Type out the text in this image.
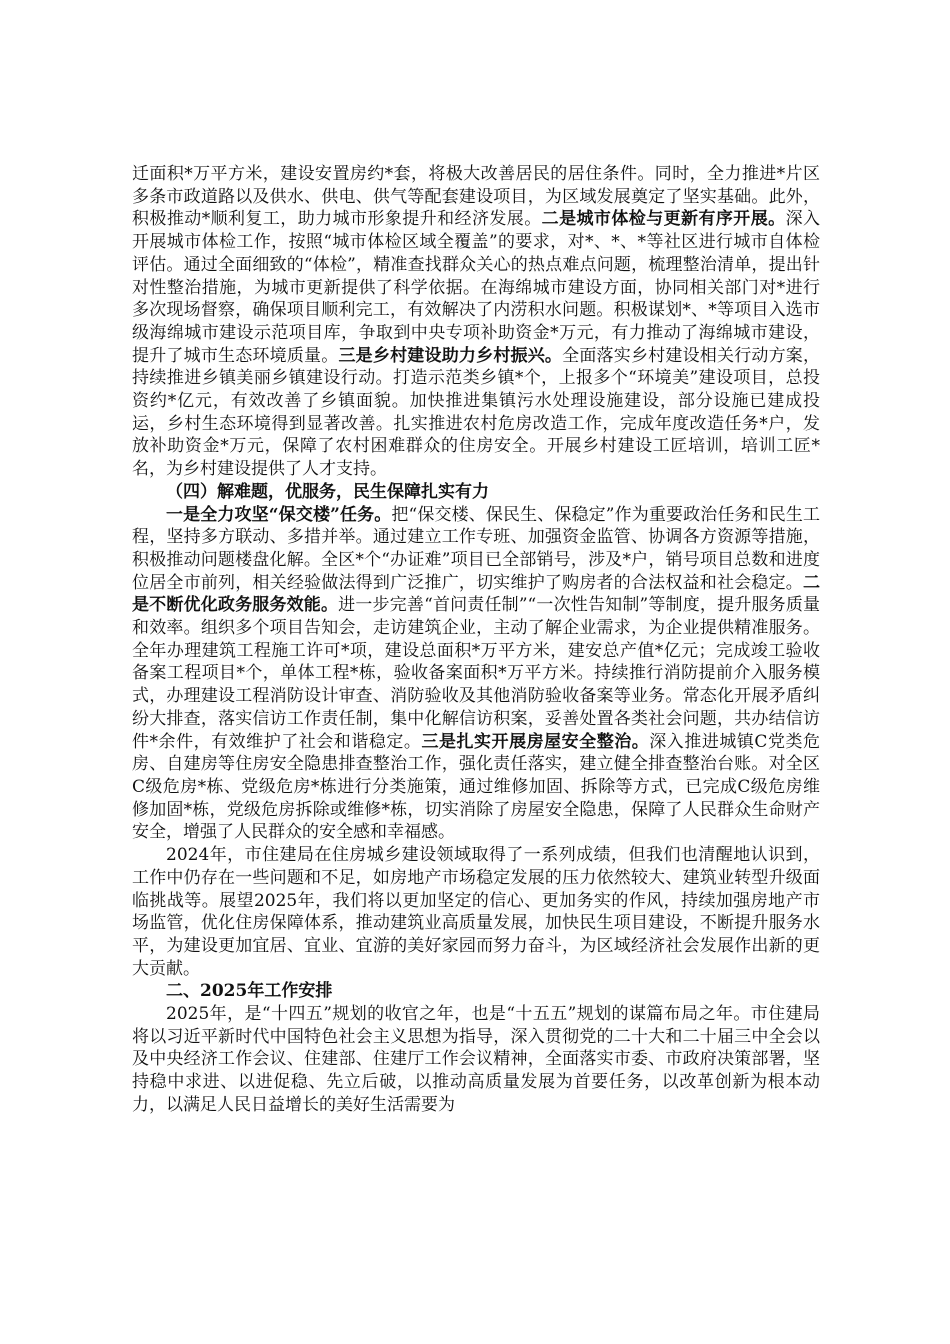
迁面积*万平方米，建设安置房约*套，将极大改善居民的居住条件。同时，全力推进*片区多条市政道路以及供水、供电、供气等配套建设项目，为区域发展奠定了坚实基础。此外，积极推动*顺利复工，助力城市形象提升和经济发展。二是城市体检与更新有序开展。深入开展城市体检工作，按照“城市体检区域全覆盖”的要求，对*、*、*等社区进行城市自体检评估。通过全面细致的“体检”，精准查找群众关心的热点难点问题，梳理整治清单，提出针对性整治措施，为城市更新提供了科学依据。在海绵城市建设方面，协同相关部门对*进行多次现场督察，确保项目顺利完工，有效解决了内涝积水问题。积极谋划*、*等项目入选市级海绵城市建设示范项目库，争取到中央专项补助资金*万元，有力推动了海绵城市建设，提升了城市生态环境质量。三是乡村建设助力乡村振兴。全面落实乡村建设相关行动方案，持续推进乡镇美丽乡镇建设行动。打造示范类乡镇*个，上报多个“环境美”建设项目，总投资约*亿元，有效改善了乡镇面貌。加快推进集镇污水处理设施建设，部分设施已建成投运，乡村生态环境得到显著改善。扎实推进农村危房改造工作，完成年度改造任务*户，发放补助资金*万元，保障了农村困难群众的住房安全。开展乡村建设工匠培训，培训工匠*名，为乡村建设提供了人才支持。

（四）解难题，优服务，民生保障扎实有力

一是全力攻坚“保交楼”任务。把“保交楼、保民生、保稳定”作为重要政治任务和民生工程，坚持多方联动、多措并举。通过建立工作专班、加强资金监管、协调各方资源等措施，积极推动问题楼盘化解。全区*个“办证难”项目已全部销号，涉及*户，销号项目总数和进度位居全市前列，相关经验做法得到广泛推广，切实维护了购房者的合法权益和社会稳定。二是不断优化政务服务效能。进一步完善“首问责任制”“一次性告知制”等制度，提升服务质量和效率。组织多个项目告知会，走访建筑企业，主动了解企业需求，为企业提供精准服务。全年办理建筑工程施工许可*项，建设总面积*万平方米，建安总产值*亿元；完成竣工验收备案工程项目*个，单体工程*栋，验收备案面积*万平方米。持续推行消防提前介入服务模式，办理建设工程消防设计审查、消防验收及其他消防验收备案等业务。常态化开展矛盾纠纷大排查，落实信访工作责任制，集中化解信访积案，妥善处置各类社会问题，共办结信访件*余件，有效维护了社会和谐稳定。三是扎实开展房屋安全整治。深入推进城镇C党类危房、自建房等住房安全隐患排查整治工作，强化责任落实，建立健全排查整治台账。对全区C级危房*栋、党级危房*栋进行分类施策，通过维修加固、拆除等方式，已完成C级危房维修加固*栋，党级危房拆除或维修*栋，切实消除了房屋安全隐患，保障了人民群众生命财产安全，增强了人民群众的安全感和幸福感。

2024年，市住建局在住房城乡建设领域取得了一系列成绩，但我们也清醒地认识到，工作中仍存在一些问题和不足，如房地产市场稳定发展的压力依然较大、建筑业转型升级面临挑战等。展望2025年，我们将以更加坚定的信心、更加务实的作风，持续加强房地产市场监管，优化住房保障体系，推动建筑业高质量发展，加快民生项目建设，不断提升服务水平，为建设更加宜居、宜业、宜游的美好家园而努力奋斗，为区域经济社会发展作出新的更大贡献。

二、2025年工作安排

2025年，是“十四五”规划的收官之年，也是“十五五”规划的谋篇布局之年。市住建局将以习近平新时代中国特色社会主义思想为指导，深入贯彻党的二十大和二十届三中全会以及中央经济工作会议、住建部、住建厅工作会议精神，全面落实市委、市政府决策部署，坚持稳中求进、以进促稳、先立后破，以推动高质量发展为首要任务，以改革创新为根本动力，以满足人民日益增长的美好生活需要为
